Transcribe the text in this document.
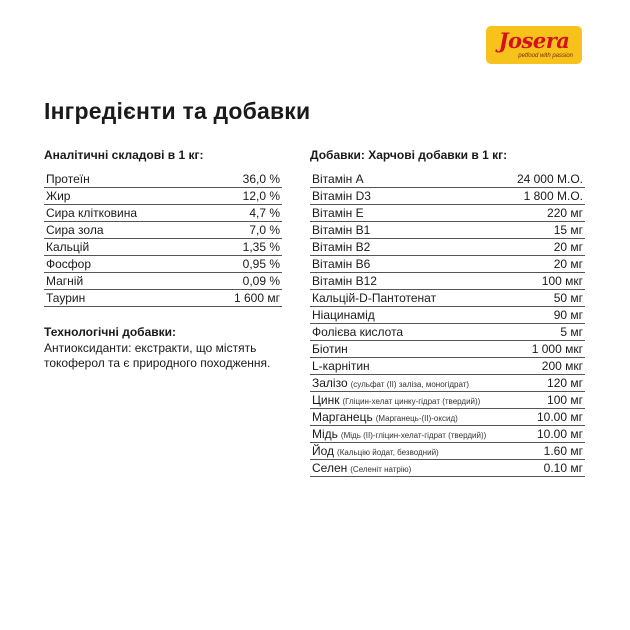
Josera
petfood with passion
Інгредієнти та добавки
Аналітичні складові в 1 кг:
Протеїн	36,0 %
Жир	12,0 %
Сира клітковина	4,7 %
Сира зола	7,0 %
Кальцій	1,35 %
Фосфор	0,95 %
Магній	0,09 %
Таурин	1 600 мг
Технологічні добавки:
Антиоксиданти: екстракти, що містять токоферол та є природного походження.
Добавки: Харчові добавки в 1 кг:
Вітамін А	24 000 М.О.
Вітамін D3	1 800 М.О.
Вітамін Е	220 мг
Вітамін В1	15 мг
Вітамін В2	20 мг
Вітамін В6	20 мг
Вітамін В12	100 мкг
Кальцій-D-Пантотенат	50 мг
Ніацинамід	90 мг
Фолієва кислота	5 мг
Біотин	1 000 мкг
L-карнітин	200 мкг
Залізо (сульфат (II) заліза, моногідрат)	120 мг
Цинк (Гліцин-хелат цинку-гідрат (твердий))	100 мг
Марганець (Марганець-(II)-оксид)	10.00 мг
Мідь (Мідь (II)-гліцин-хелат-гідрат (твердий))	10.00 мг
Йод (Кальцію йодат, безводний)	1.60 мг
Селен (Селеніт натрію)	0.10 мг
